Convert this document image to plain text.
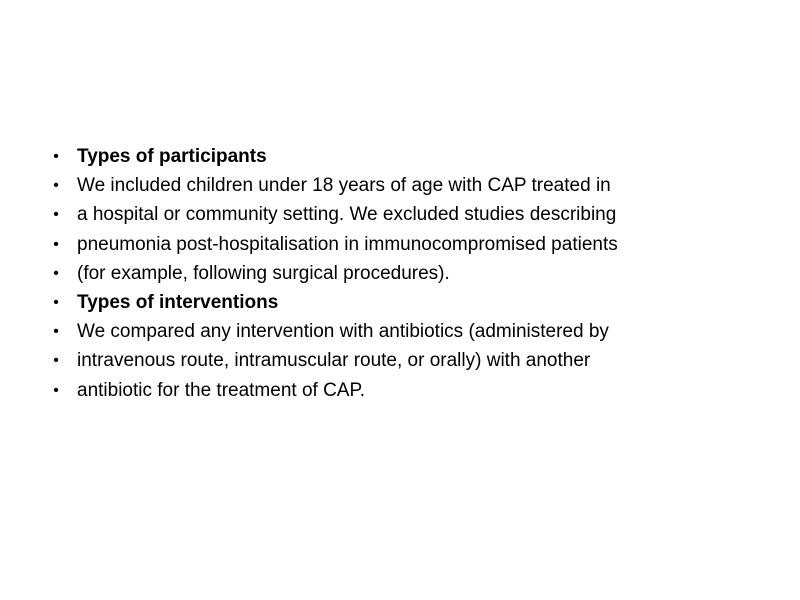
• Types of participants
• We included children under 18 years of age with CAP treated in
• a hospital or community setting. We excluded studies describing
• pneumonia post-hospitalisation in immunocompromised patients
• (for example, following surgical procedures).
• Types of interventions
• We compared any intervention with antibiotics (administered by
• intravenous route, intramuscular route, or orally) with another
• antibiotic for the treatment of CAP.
